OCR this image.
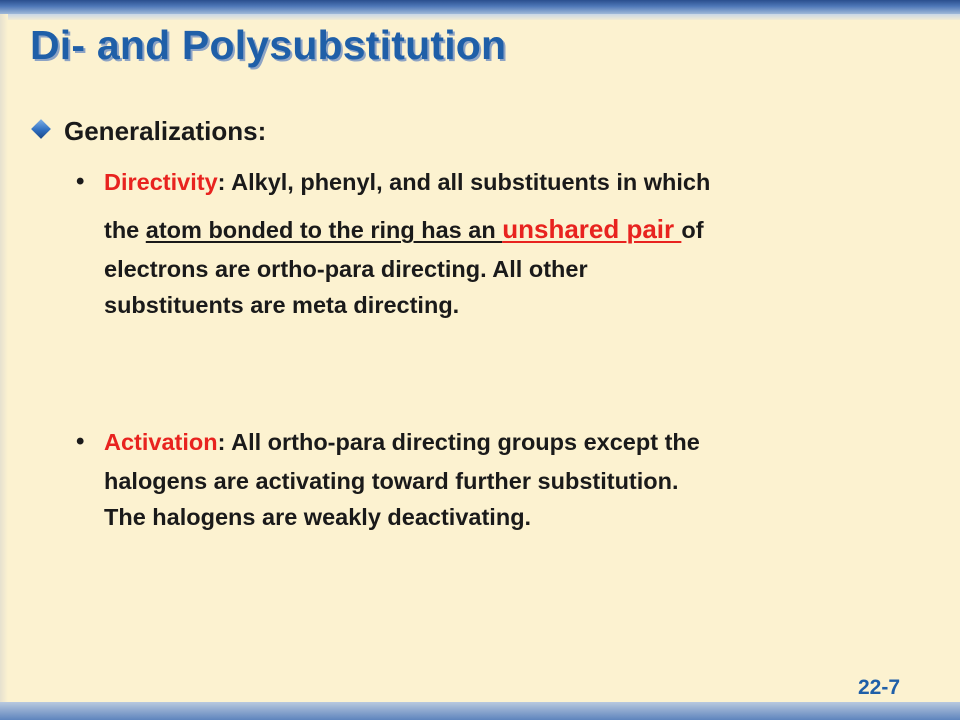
Di- and Polysubstitution
Generalizations:
• Directivity: Alkyl, phenyl, and all substituents in which
the atom bonded to the ring has an unshared pair of
electrons are ortho-para directing. All other
substituents are meta directing.
• Activation: All ortho-para directing groups except the
halogens are activating toward further substitution.
The halogens are weakly deactivating.
22-7
